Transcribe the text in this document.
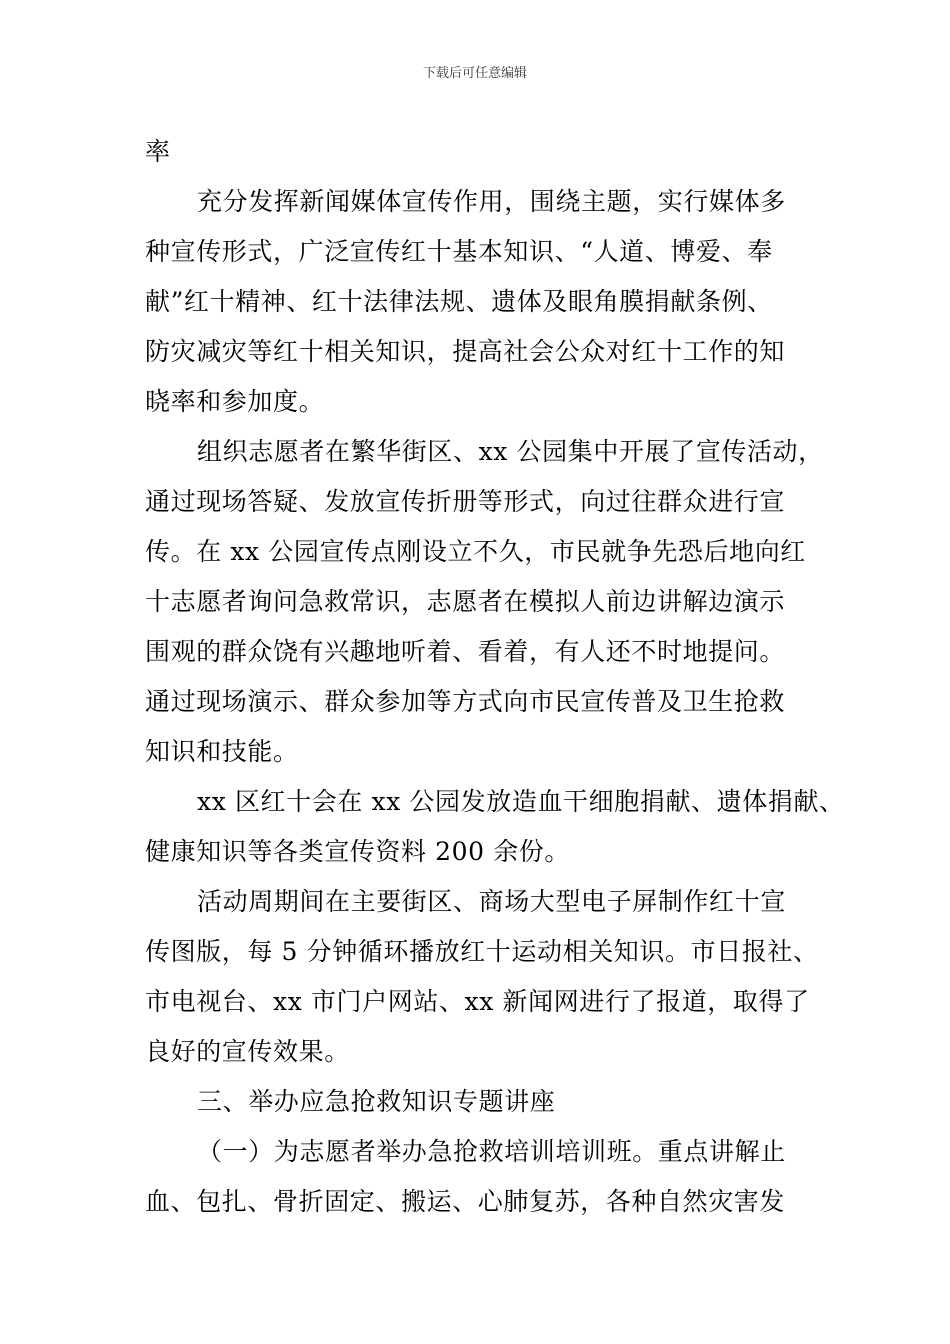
下载后可任意编辑
率
充分发挥新闻媒体宣传作用，围绕主题，实行媒体多
种宣传形式，广泛宣传红十基本知识、“人道、博爱、奉
献”红十精神、红十法律法规、遗体及眼角膜捐献条例、
防灾减灾等红十相关知识，提高社会公众对红十工作的知
晓率和参加度。
组织志愿者在繁华街区、xx 公园集中开展了宣传活动，
通过现场答疑、发放宣传折册等形式，向过往群众进行宣
传。在 xx 公园宣传点刚设立不久，市民就争先恐后地向红
十志愿者询问急救常识，志愿者在模拟人前边讲解边演示
围观的群众饶有兴趣地听着、看着，有人还不时地提问。
通过现场演示、群众参加等方式向市民宣传普及卫生抢救
知识和技能。
xx 区红十会在 xx 公园发放造血干细胞捐献、遗体捐献、
健康知识等各类宣传资料 200 余份。
活动周期间在主要街区、商场大型电子屏制作红十宣
传图版，每 5 分钟循环播放红十运动相关知识。市日报社、
市电视台、xx 市门户网站、xx 新闻网进行了报道，取得了
良好的宣传效果。
三、举办应急抢救知识专题讲座
（一）为志愿者举办急抢救培训培训班。重点讲解止
血、包扎、骨折固定、搬运、心肺复苏，各种自然灾害发
